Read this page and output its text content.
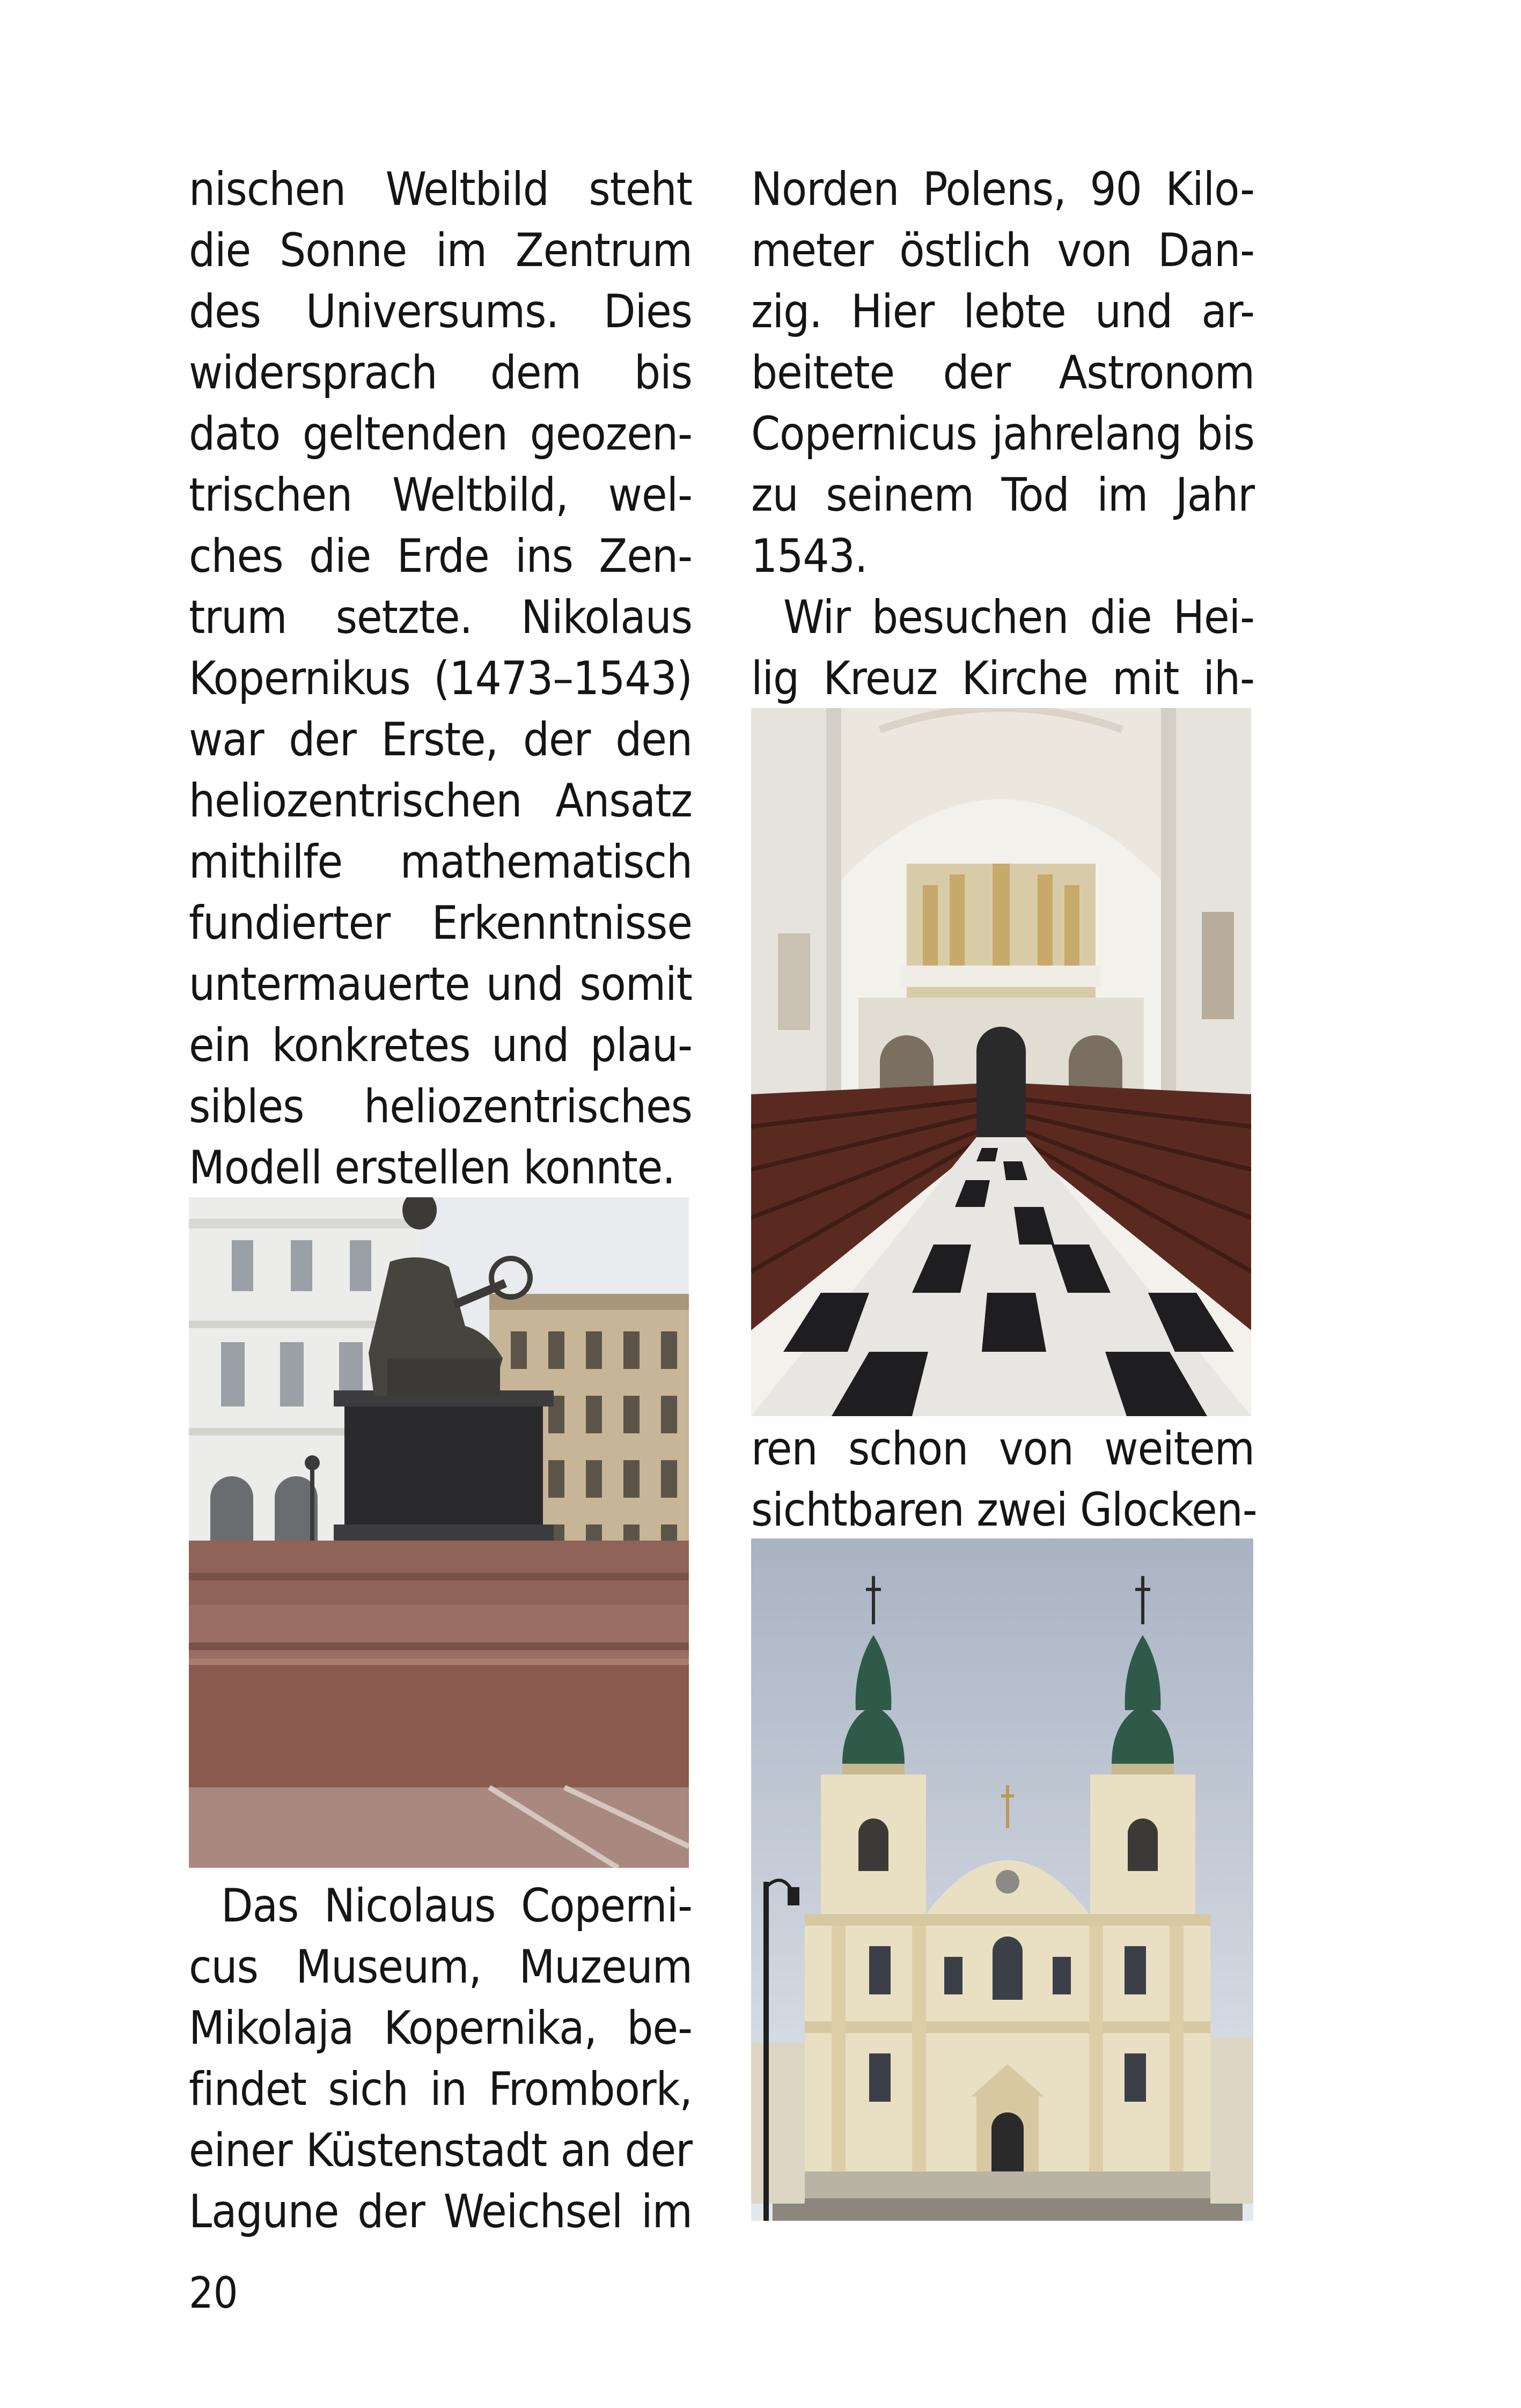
nischen Weltbild steht
die Sonne im Zentrum
des Universums. Dies
widersprach dem bis
dato geltenden geozen-
trischen Weltbild, wel-
ches die Erde ins Zen-
trum setzte. Nikolaus
Kopernikus (1473–1543)
war der Erste, der den
heliozentrischen Ansatz
mithilfe mathematisch
fundierter Erkenntnisse
untermauerte und somit
ein konkretes und plau-
sibles heliozentrisches
Modell erstellen konnte.
Das Nicolaus Coperni-
cus Museum, Muzeum
Mikolaja Kopernika, be-
findet sich in Frombork,
einer Küstenstadt an der
Lagune der Weichsel im
Norden Polens, 90 Kilo-
meter östlich von Dan-
zig. Hier lebte und ar-
beitete der Astronom
Copernicus jahrelang bis
zu seinem Tod im Jahr
1543.
Wir besuchen die Hei-
lig Kreuz Kirche mit ih-
ren schon von weitem
sichtbaren zwei Glocken-
20
